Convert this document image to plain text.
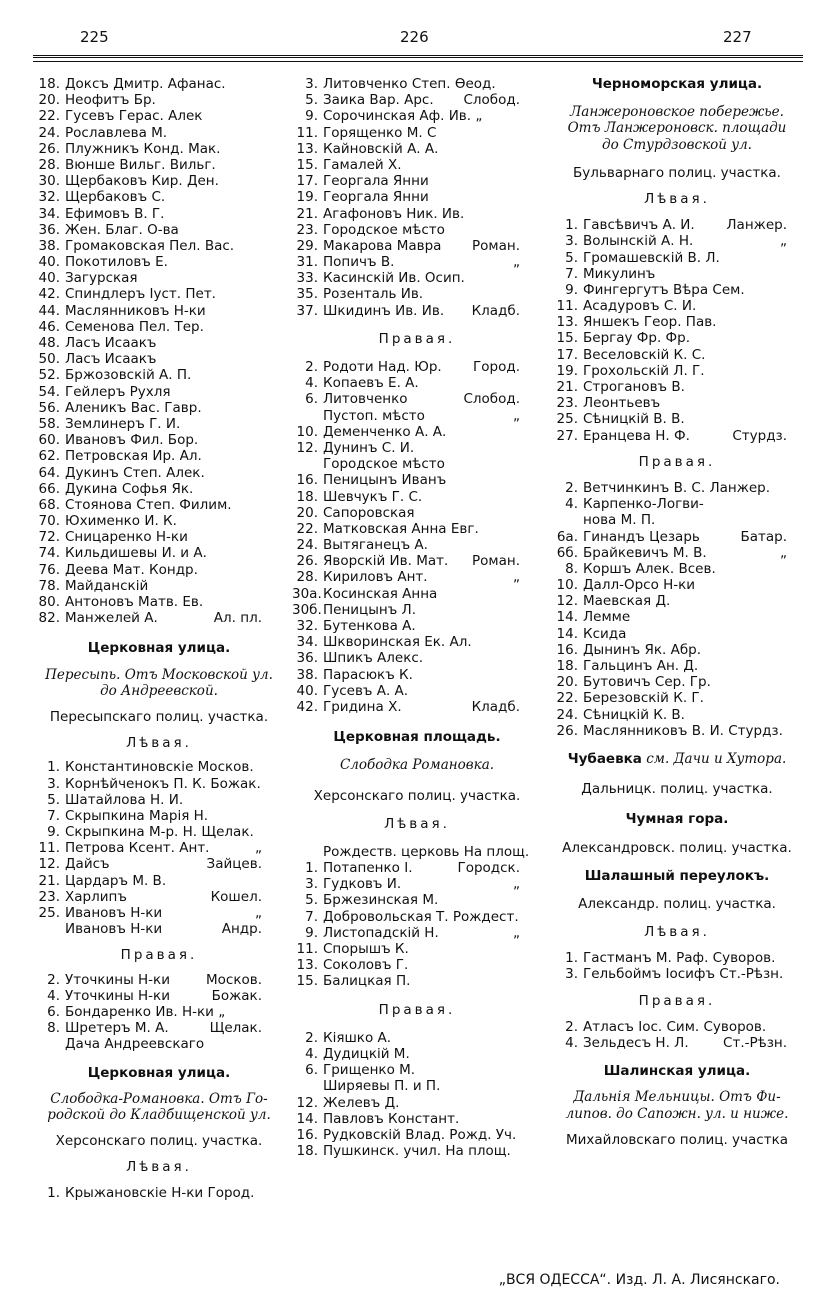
225	226	227
18. Доксъ Дмитр. Афанас.
20. Неофитъ Бр.
22. Гусевъ Герас. Алек
24. Рославлева М.
26. Плужникъ Конд. Мак.
28. Вюнше Вильг. Вильг.
30. Щербаковъ Кир. Ден.
32. Щербаковъ С.
34. Ефимовъ В. Г.
36. Жен. Благ. О-ва
38. Громаковская Пел. Вас.
40. Покотиловъ Е.
40. Загурская
42. Спиндлеръ Іуст. Пет.
44. Маслянниковъ Н-ки
46. Семенова Пел. Тер.
48. Ласъ Исаакъ
50. Ласъ Исаакъ
52. Бржозовскій А. П.
54. Гейлеръ Рухля
56. Аленикъ Вас. Гавр.
58. Землинеръ Г. И.
60. Ивановъ Фил. Бор.
62. Петровская Ир. Ал.
64. Дукинъ Степ. Алек.
66. Дукина Софья Як.
68. Стоянова Степ. Филим.
70. Юхименко И. К.
72. Сницаренко Н-ки
74. Кильдишевы И. и А.
76. Деева Мат. Кондр.
78. Майданскій
80. Антоновъ Матв. Ев.
82. Манжелей А.	Ал. пл.
Церковная улица.
Пересыпь. Отъ Московской ул.
до Андреевской.
Пересыпскаго полиц. участка.
Лѣвая.
1. Константиновскіе Москов.
3. Корнѣйченокъ П. К. Божак.
5. Шатайлова Н. И.
7. Скрыпкина Марія Н.
9. Скрыпкина М-р. Н. Щелак.
11. Петрова Ксент. Ант.	„
12. Дайсъ	Зайцев.
21. Цардаръ М. В.
23. Харлипъ	Кошел.
25. Ивановъ Н-ки	„
Ивановъ Н-ки	Андр.
Правая.
2. Уточкины Н-ки	Москов.
4. Уточкины Н-ки	Божак.
6. Бондаренко Ив. Н-ки „
8. Шретеръ М. А.	Щелак.
Дача Андреевскаго
Церковная улица.
Слободка-Романовка. Отъ Го-
родской до Кладбищенской ул.
Херсонскаго полиц. участка.
Лѣвая.
1. Крыжановскіе Н-ки Город.
3. Литовченко Степ. Ѳеод.
5. Заика Вар. Арс. Слобод.
9. Сорочинская Аф. Ив. „
11. Горященко М. С
13. Кайновскій А. А.
15. Гамалей Х.
17. Георгала Янни
19. Георгала Янни
21. Агафоновъ Ник. Ив.
23. Городское мѣсто
29. Макарова Мавра Роман.
31. Попичъ В.	„
33. Касинскій Ив. Осип.
35. Розенталь Ив.
37. Шкидинъ Ив. Ив. Кладб.
Правая.
2. Родоти Над. Юр. Город.
4. Копаевъ Е. А.
6. Литовченко	Слобод.
Пустоп. мѣсто	„
10. Деменченко А. А.
12. Дунинъ С. И.
Городское мѣсто
16. Пеницынъ Иванъ
18. Шевчукъ Г. С.
20. Сапоровская
22. Матковская Анна Евг.
24. Вытяганецъ А.
26. Яворскій Ив. Мат. Роман.
28. Кириловъ Ант.	„
30а.Косинская Анна
30б.Пеницынъ Л.
32. Бутенкова А.
34. Шкворинская Ек. Ал.
36. Шпикъ Алекс.
38. Парасюкъ К.
40. Гусевъ А. А.
42. Гридина Х.	Кладб.
Церковная площадь.
Слободка Романовка.
Херсонскаго полиц. участка.
Лѣвая.
Рождеств. церковь На площ.
1. Потапенко І.	Городск.
3. Гудковъ И.	„
5. Бржезинская М.
7. Добровольская Т. Рождест.
9. Листопадскій Н.	„
11. Спорышъ К.
13. Соколовъ Г.
15. Балицкая П.
Правая.
2. Кіяшко А.
4. Дудицкій М.
6. Грищенко М.
Ширяевы П. и П.
12. Желевъ Д.
14. Павловъ Констант.
16. Рудковскій Влад. Рожд. Уч.
18. Пушкинск. учил. На площ.
Черноморская улица.
Ланжероновское побережье.
Отъ Ланжероновск. площади
до Стурдзовской ул.
Бульварнаго полиц. участка.
Лѣвая.
1. Гавсѣвичъ А. И. Ланжер.
3. Волынскій А. Н.	„
5. Громашевскій В. Л.
7. Микулинъ
9. Фингергутъ Вѣра Сем.
11. Асадуровъ С. И.
13. Яншекъ Геор. Пав.
15. Бергау Фр. Фр.
17. Веселовскій К. С.
19. Грохольскій Л. Г.
21. Строгановъ В.
23. Леонтьевъ
25. Сѣницкій В. В.
27. Еранцева Н. Ф.	Стурдз.
Правая.
2. Ветчинкинъ В. С. Ланжер.
4. Карпенко-Логви-
нова М. П.
6а. Гинандъ Цезарь	Батар.
6б. Брайкевичъ М. В.	„
8. Коршъ Алек. Всев.
10. Далл-Орсо Н-ки
12. Маевская Д.
14. Лемме
14. Ксида
16. Дынинъ Як. Абр.
18. Гальцинъ Ан. Д.
20. Бутовичъ Сер. Гр.
22. Березовскій К. Г.
24. Сѣницкій К. В.
26. Маслянниковъ В. И. Стурдз.
Чубаевка см. Дачи и Хутора.
Дальницк. полиц. участка.
Чумная гора.
Александровск. полиц. участка.
Шалашный переулокъ.
Александр. полиц. участка.
Лѣвая.
1. Гастманъ М. Раф. Суворов.
3. Гельбоймъ Іосифъ Ст.-Рѣзн.
Правая.
2. Атласъ Іос. Сим. Суворов.
4. Зельдесъ Н. Л.	Ст.-Рѣзн.
Шалинская улица.
Дальнія Мельницы. Отъ Фи-
липов. до Сапожн. ул. и ниже.
Михайловскаго полиц. участка
„ВСЯ ОДЕССА“. Изд. Л. А. Лисянскаго.
